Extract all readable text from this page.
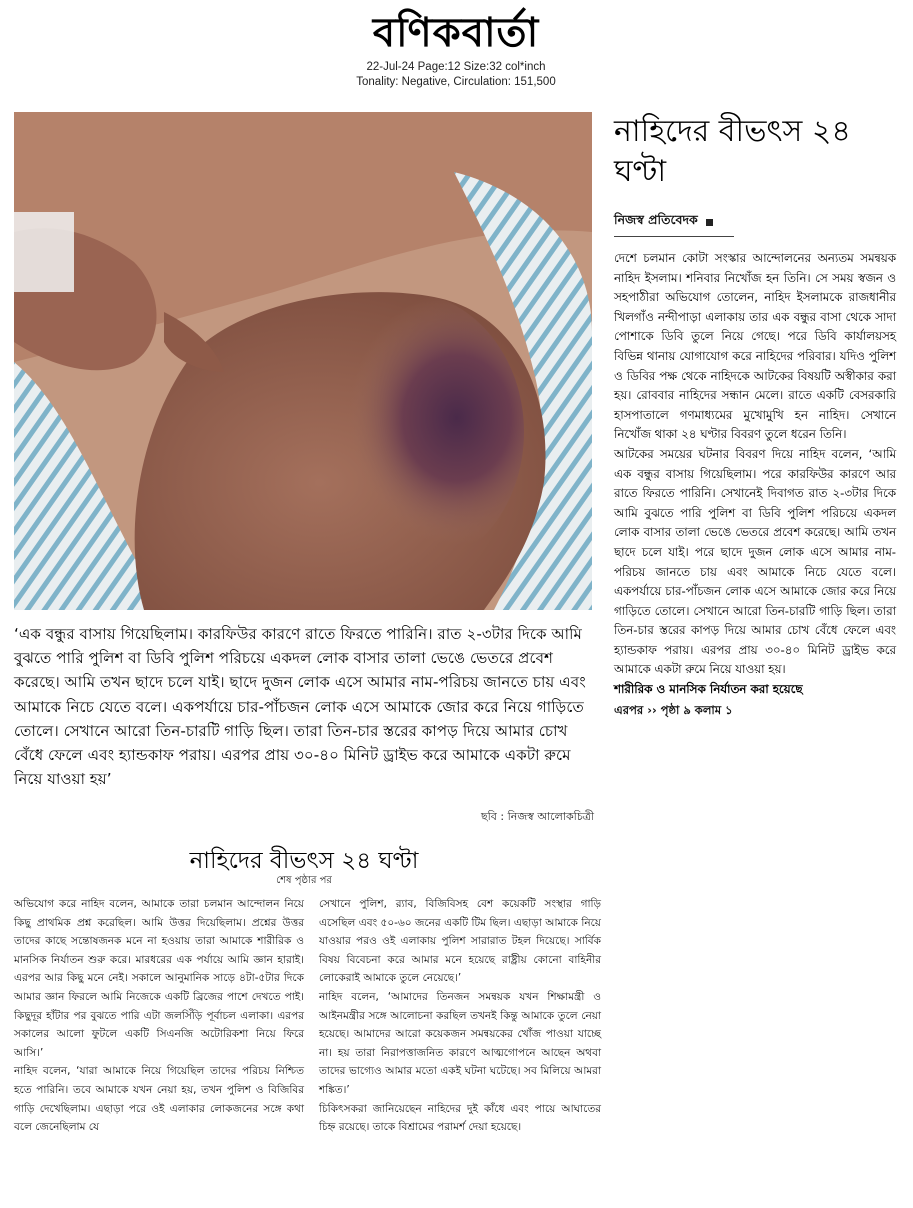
বণিকবার্তা
22-Jul-24 Page:12 Size:32 col*inch
Tonality: Negative, Circulation: 151,500
‘এক বন্ধুর বাসায় গিয়েছিলাম। কারফিউর কারণে রাতে ফিরতে পারিনি। রাত ২-৩টার দিকে আমি বুঝতে পারি পুলিশ বা ডিবি পুলিশ পরিচয়ে একদল লোক বাসার তালা ভেঙে ভেতরে প্রবেশ করেছে। আমি তখন ছাদে চলে যাই। ছাদে দুজন লোক এসে আমার নাম-পরিচয় জানতে চায় এবং আমাকে নিচে যেতে বলে। একপর্যায়ে চার-পাঁচজন লোক এসে আমাকে জোর করে নিয়ে গাড়িতে তোলে। সেখানে আরো তিন-চারটি গাড়ি ছিল। তারা তিন-চার স্তরের কাপড় দিয়ে আমার চোখ বেঁধে ফেলে এবং হ্যান্ডকাফ পরায়। এরপর প্রায় ৩০-৪০ মিনিট ড্রাইভ করে আমাকে একটা রুমে নিয়ে যাওয়া হয়’
ছবি : নিজস্ব আলোকচিত্রী
নাহিদের বীভৎস ২৪ ঘণ্টা
নিজস্ব প্রতিবেদক

দেশে চলমান কোটা সংস্কার আন্দোলনের অন্যতম সমন্বয়ক নাহিদ ইসলাম। শনিবার নিখোঁজ হন তিনি। সে সময় স্বজন ও সহপাঠীরা অভিযোগ তোলেন, নাহিদ ইসলামকে রাজধানীর খিলগাঁও নন্দীপাড়া এলাকায় তার এক বন্ধুর বাসা থেকে সাদা পোশাকে ডিবি তুলে নিয়ে গেছে। পরে ডিবি কার্যালয়সহ বিভিন্ন থানায় যোগাযোগ করে নাহিদের পরিবার। যদিও পুলিশ ও ডিবির পক্ষ থেকে নাহিদকে আটকের বিষয়টি অস্বীকার করা হয়। রোববার নাহিদের সন্ধান মেলে। রাতে একটি বেসরকারি হাসপাতালে গণমাধ্যমের মুখোমুখি হন নাহিদ। সেখানে নিখোঁজ থাকা ২৪ ঘণ্টার বিবরণ তুলে ধরেন তিনি।

আটকের সময়ের ঘটনার বিবরণ দিয়ে নাহিদ বলেন, ‘আমি এক বন্ধুর বাসায় গিয়েছিলাম। পরে কারফিউর কারণে আর রাতে ফিরতে পারিনি। সেখানেই দিবাগত রাত ২-৩টার দিকে আমি বুঝতে পারি পুলিশ বা ডিবি পুলিশ পরিচয়ে একদল লোক বাসার তালা ভেঙে ভেতরে প্রবেশ করেছে। আমি তখন ছাদে চলে যাই। পরে ছাদে দুজন লোক এসে আমার নাম-পরিচয় জানতে চায় এবং আমাকে নিচে যেতে বলে। একপর্যায়ে চার-পাঁচজন লোক এসে আমাকে জোর করে নিয়ে গাড়িতে তোলে। সেখানে আরো তিন-চারটি গাড়ি ছিল। তারা তিন-চার স্তরের কাপড় দিয়ে আমার চোখ বেঁধে ফেলে এবং হ্যান্ডকাফ পরায়। এরপর প্রায় ৩০-৪০ মিনিট ড্রাইভ করে আমাকে একটা রুমে নিয়ে যাওয়া হয়।

শারীরিক ও মানসিক নির্যাতন করা হয়েছে

এরপর ›› পৃষ্ঠা ৯ কলাম ১
নাহিদের বীভৎস ২৪ ঘণ্টা
শেষ পৃষ্ঠার পর

অভিযোগ করে নাহিদ বলেন, আমাকে তারা চলমান আন্দোলন নিয়ে কিছু প্রাথমিক প্রশ্ন করেছিল। আমি উত্তর দিয়েছিলাম। প্রশ্নের উত্তর তাদের কাছে সন্তোষজনক মনে না হওয়ায় তারা আমাকে শারীরিক ও মানসিক নির্যাতন শুরু করে। মারধরের এক পর্যায়ে আমি জ্ঞান হারাই। এরপর আর কিছু মনে নেই। সকালে আনুমানিক সাড়ে ৪টা-৫টার দিকে আমার জ্ঞান ফিরলে আমি নিজেকে একটি ব্রিজের পাশে দেখতে পাই। কিছুদূর হাঁটার পর বুঝতে পারি এটা জলসিঁড়ি পূর্বাচল এলাকা। এরপর সকালের আলো ফুটলে একটি সিএনজি অটোরিকশা নিয়ে ফিরে আসি।’

নাহিদ বলেন, ‘যারা আমাকে নিয়ে গিয়েছিল তাদের পরিচয় নিশ্চিত হতে পারিনি। তবে আমাকে যখন নেয়া হয়, তখন পুলিশ ও বিজিবির গাড়ি দেখেছিলাম। এছাড়া পরে ওই এলাকার লোকজনের সঙ্গে কথা বলে জেনেছিলাম যে

সেখানে পুলিশ, র‍্যাব, বিজিবিসহ বেশ কয়েকটি সংস্থার গাড়ি এসেছিল এবং ৫০-৬০ জনের একটি টিম ছিল। এছাড়া আমাকে নিয়ে যাওয়ার পরও ওই এলাকায় পুলিশ সারারাত টহল দিয়েছে। সার্বিক বিষয় বিবেচনা করে আমার মনে হয়েছে রাষ্ট্রীয় কোনো বাহিনীর লোকেরাই আমাকে তুলে নেয়েছে।’

নাহিদ বলেন, ‘আমাদের তিনজন সমন্বয়ক যখন শিক্ষামন্ত্রী ও আইনমন্ত্রীর সঙ্গে আলোচনা করছিল তখনই কিন্তু আমাকে তুলে নেয়া হয়েছে। আমাদের আরো কয়েকজন সমন্বয়কের খোঁজ পাওয়া যাচ্ছে না। হয় তারা নিরাপত্তাজনিত কারণে আত্মগোপনে আছেন অথবা তাদের ভাগ্যেও আমার মতো একই ঘটনা ঘটেছে। সব মিলিয়ে আমরা শঙ্কিত।’

চিকিৎসকরা জানিয়েছেন নাহিদের দুই কাঁধে এবং পায়ে আঘাতের চিহ্ন রয়েছে। তাকে বিশ্রামের পরামর্শ দেয়া হয়েছে।
